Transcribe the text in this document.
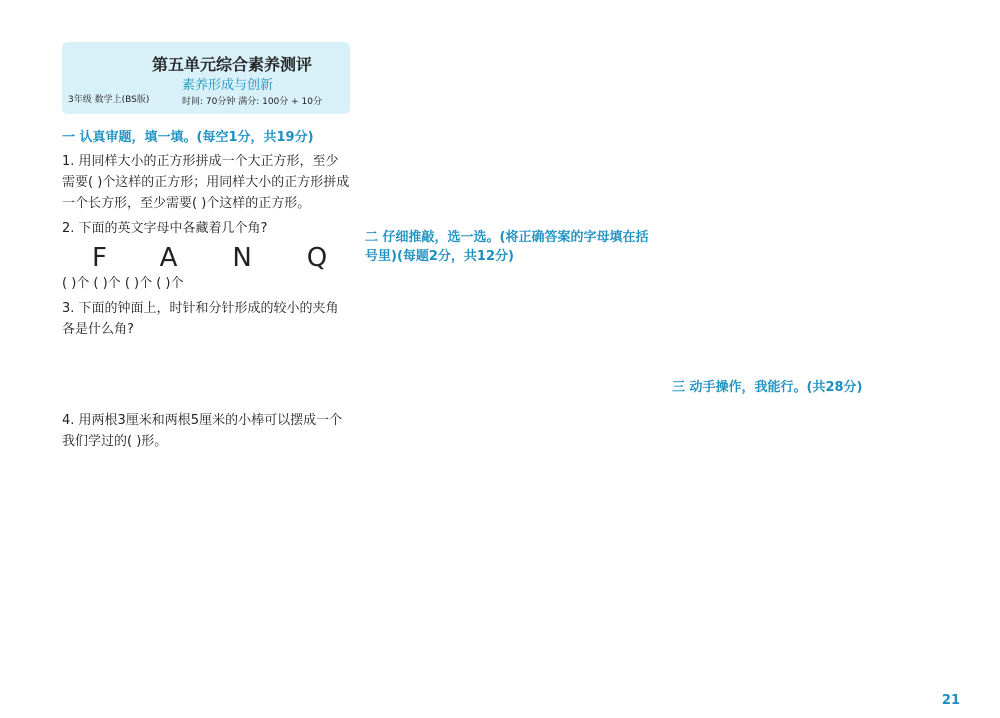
第五单元综合素养测评
素养形成与创新
3年级 数学上(BS版)	时间: 70分钟 满分: 100分 + 10分
一 认真审题，填一填。(每空1分，共19分)
1. 用同样大小的正方形拼成一个大正方形，至少需要( )个这样的正方形；用同样大小的正方形拼成一个长方形，至少需要( )个这样的正方形。
2. 下面的英文字母中各藏着几个角?
FANQ
( )个 ( )个 ( )个 ( )个
3. 下面的钟面上，时针和分针形成的较小的夹角各是什么角?
4. 用两根3厘米和两根5厘米的小棒可以摆成一个我们学过的( )形。
二 仔细推敲，选一选。(将正确答案的字母填在括号里)(每题2分，共12分)
三 动手操作，我能行。(共28分)
21
